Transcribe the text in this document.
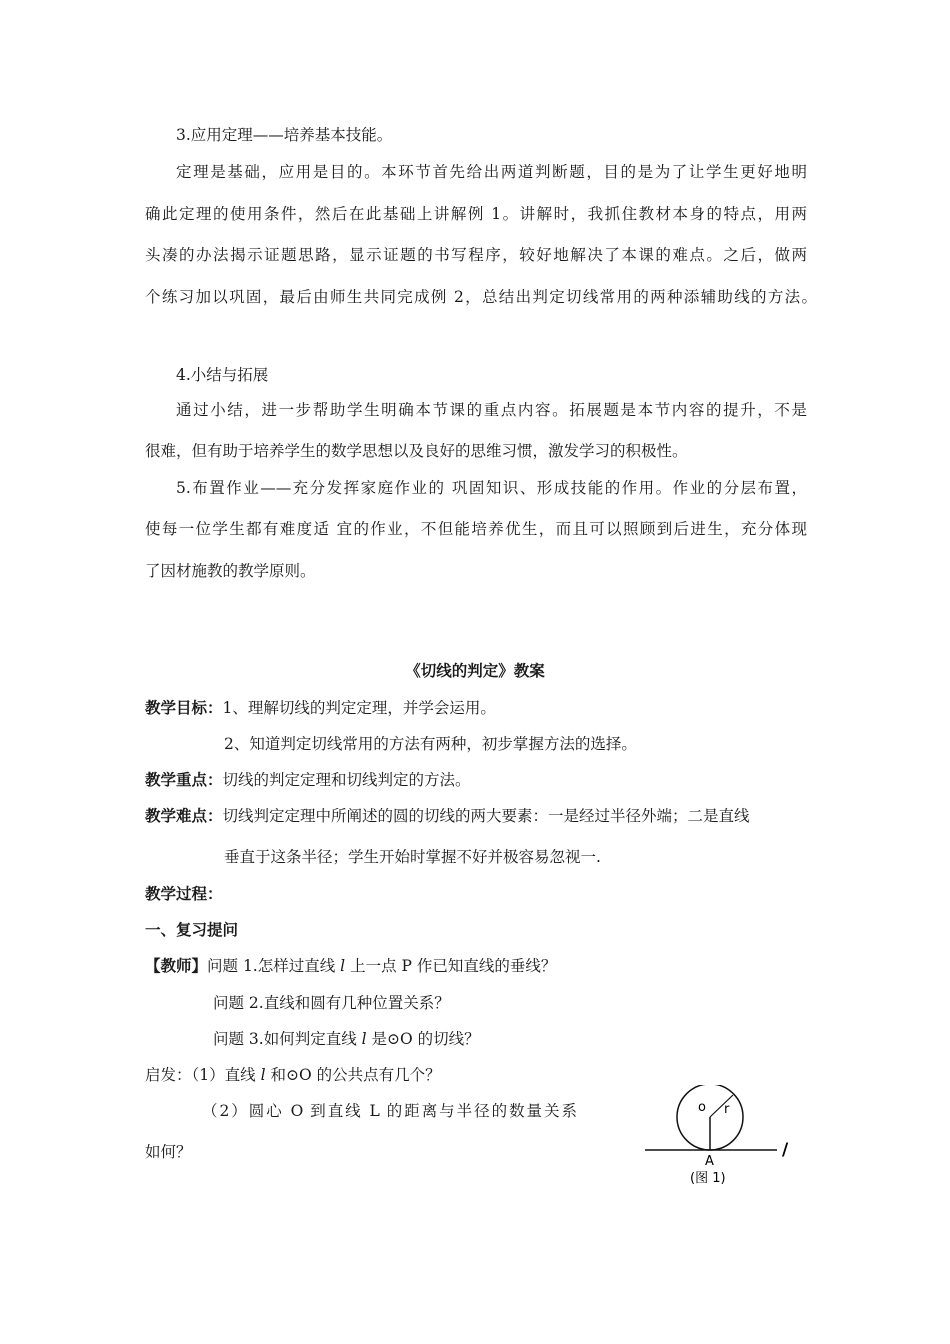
3.应用定理——培养基本技能。
定理是基础，应用是目的。本环节首先给出两道判断题，目的是为了让学生更好地明
确此定理的使用条件，然后在此基础上讲解例 1。讲解时，我抓住教材本身的特点，用两
头凑的办法揭示证题思路，显示证题的书写程序，较好地解决了本课的难点。之后，做两
个练习加以巩固，最后由师生共同完成例 2，总结出判定切线常用的两种添辅助线的方法。
4.小结与拓展
通过小结，进一步帮助学生明确本节课的重点内容。拓展题是本节内容的提升，不是
很难，但有助于培养学生的数学思想以及良好的思维习惯，激发学习的积极性。
5.布置作业——充分发挥家庭作业的 巩固知识、形成技能的作用。作业的分层布置，
使每一位学生都有难度适 宜的作业，不但能培养优生，而且可以照顾到后进生，充分体现
了因材施教的教学原则。
《切线的判定》教案
教学目标：1、理解切线的判定定理，并学会运用。
2、知道判定切线常用的方法有两种，初步掌握方法的选择。
教学重点：切线的判定定理和切线判定的方法。
教学难点：切线判定定理中所阐述的圆的切线的两大要素：一是经过半径外端；二是直线
垂直于这条半径；学生开始时掌握不好并极容易忽视一.
教学过程：
一、复习提问
【教师】问题 1.怎样过直线 l 上一点 P 作已知直线的垂线？
问题 2.直线和圆有几种位置关系？
问题 3.如何判定直线 l 是⊙O 的切线？
启发：（1）直线 l 和⊙O 的公共点有几个？
（2）圆心 O 到直线 L 的距离与半径的数量关系
如何？
o r
A
/
(图 1)
